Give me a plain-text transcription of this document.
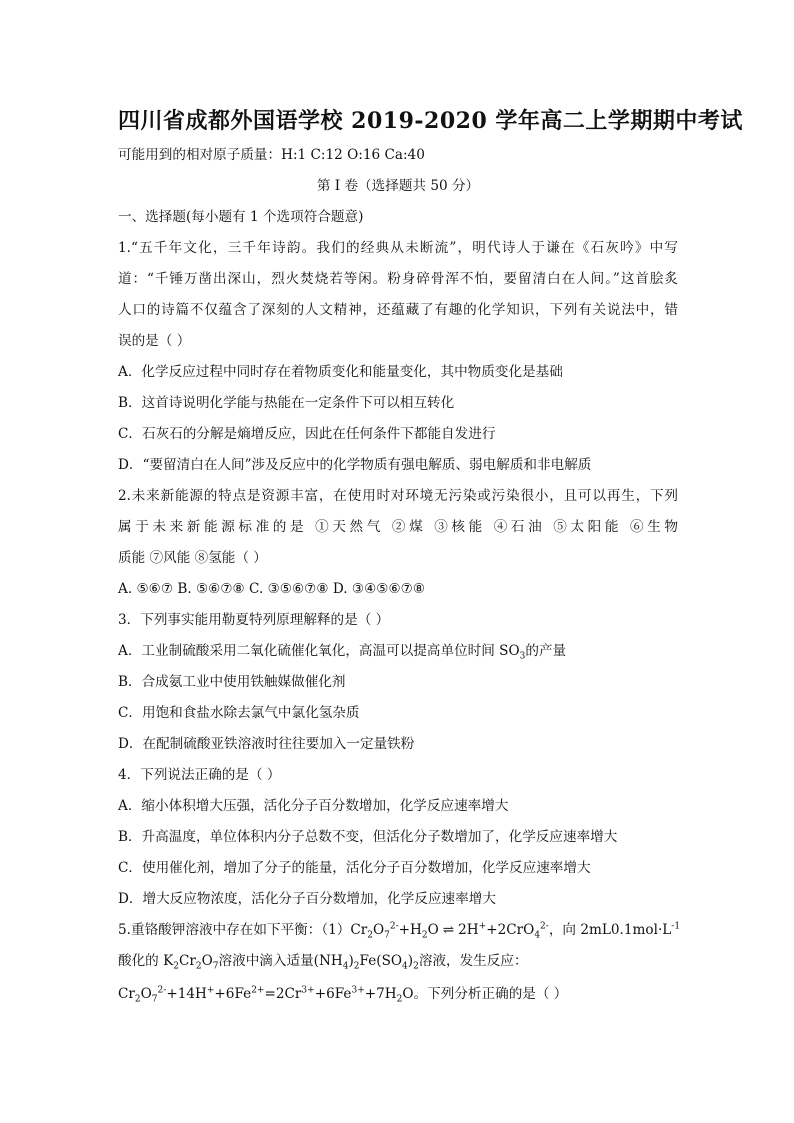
四川省成都外国语学校 2019-2020 学年高二上学期期中考试
可能用到的相对原子质量：H:1 C:12 O:16 Ca:40
第 I 卷（选择题共 50 分）
一、选择题(每小题有 1 个选项符合题意)
1.“五千年文化，三千年诗韵。我们的经典从未断流”，明代诗人于谦在《石灰吟》中写
道：“千锤万凿出深山，烈火焚烧若等闲。粉身碎骨浑不怕，要留清白在人间。”这首脍炙
人口的诗篇不仅蕴含了深刻的人文精神，还蕴藏了有趣的化学知识，下列有关说法中，错
误的是（ ）
A．化学反应过程中同时存在着物质变化和能量变化，其中物质变化是基础
B．这首诗说明化学能与热能在一定条件下可以相互转化
C．石灰石的分解是熵增反应，因此在任何条件下都能自发进行
D．“要留清白在人间”涉及反应中的化学物质有强电解质、弱电解质和非电解质
2.未来新能源的特点是资源丰富，在使用时对环境无污染或污染很小，且可以再生，下列
属于未来新能源标准的是 ①天然气 ②煤 ③核能 ④石油 ⑤太阳能 ⑥生物
质能 ⑦风能 ⑧氢能（ ）
A. ⑤⑥⑦ B. ⑤⑥⑦⑧ C. ③⑤⑥⑦⑧ D. ③④⑤⑥⑦⑧
3．下列事实能用勒夏特列原理解释的是（ ）
A．工业制硫酸采用二氧化硫催化氧化，高温可以提高单位时间 $SO_3$的产量
B．合成氨工业中使用铁触媒做催化剂
C．用饱和食盐水除去氯气中氯化氢杂质
D．在配制硫酸亚铁溶液时往往要加入一定量铁粉
4．下列说法正确的是（ ）
A．缩小体积增大压强，活化分子百分数增加，化学反应速率增大
B．升高温度，单位体积内分子总数不变，但活化分子数增加了，化学反应速率增大
C．使用催化剂，增加了分子的能量，活化分子百分数增加，化学反应速率增大
D．增大反应物浓度，活化分子百分数增加，化学反应速率增大
5.重铬酸钾溶液中存在如下平衡：$(1)Cr_2O_7^{2-}+H_2O$ ⇌ 2H++2CrO$_4^{2-}$，向 $2mL0.1mol\cdot L^{-1}$
酸化的 $K_2Cr_2O_7$溶液中滴入适量$(NH_4)_2Fe(SO_4)_2$溶液，发生反应：
$Cr_2O_7^{2-}+14H^++6Fe^{2+}=2Cr^{3+}+6Fe^{3+}+7H_2O$。下列分析正确的是（ ）
